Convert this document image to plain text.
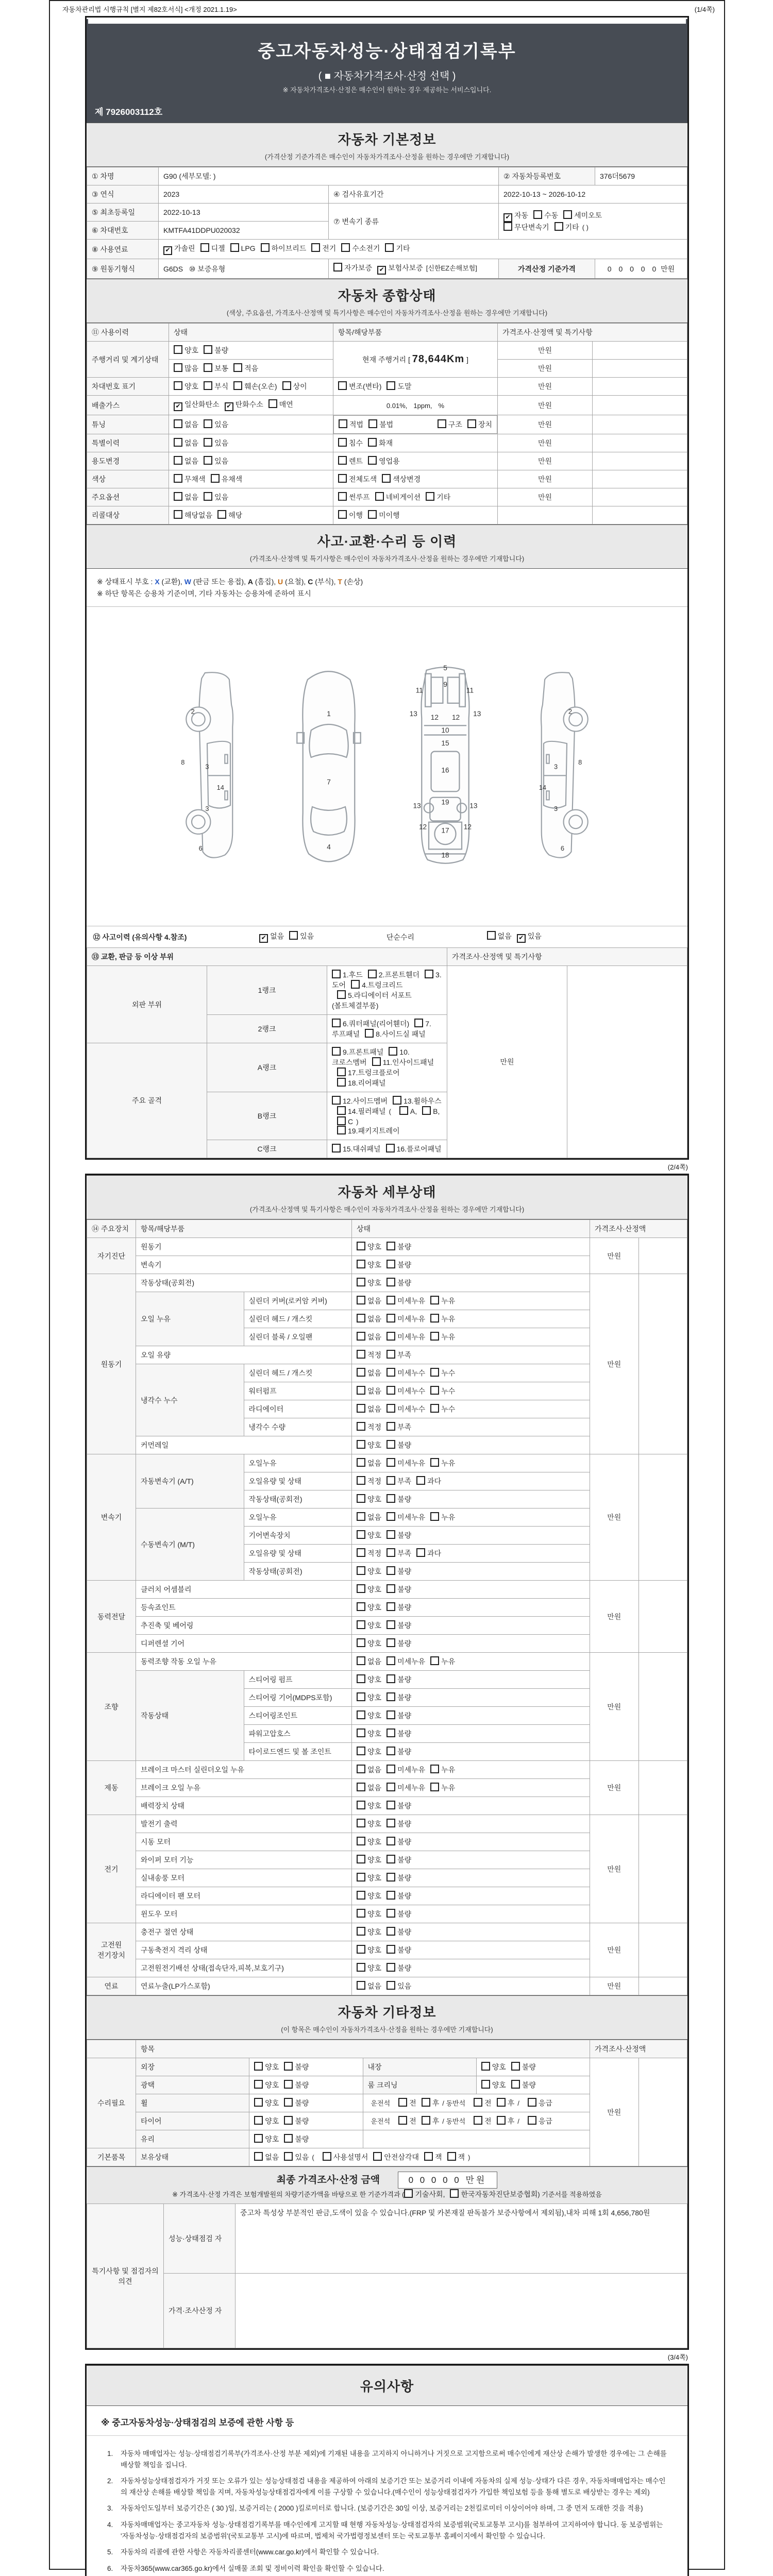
자동차관리법 시행규칙 [별지 제82호서식] <개정 2021.1.19>	(1/4쪽)
중고자동차성능·상태점검기록부
( ■ 자동차가격조사·산정 선택 )
※ 자동차가격조사·산정은 매수인이 원하는 경우 제공하는 서비스입니다.
제 7926003112호
자동차 기본정보
(가격산정 기준가격은 매수인이 자동차가격조사·산정을 원하는 경우에만 기재합니다)
① 차명	G90 (세부모델: )		② 자동차등록번호	376더5679
③ 연식	2023	④ 검사유효기간	2022-10-13 ~ 2026-10-12	
⑤ 최초등록일	2022-10-13	⑦ 변속기 종류	✔ 자동 수동 세미오토
무단변속기 기타 ( )	
⑥ 차대번호	KMTFA41DDPU020032			
⑧ 사용연료	✔ 가솔린 디젤 LPG 하이브리드 전기 수소전기 기타			
⑨ 원동기형식	G6DS ⑩ 보증유형	자가보증 ✔ 보험사보증 [신한EZ손해보험]	가격산정 기준가격	0 0 0 0 0 만원
자동차 종합상태
(색상, 주요옵션, 가격조사·산정액 및 특기사항은 매수인이 자동차가격조사·산정을 원하는 경우에만 기재합니다)
⑪ 사용이력	상태	항목/해당부품	가격조사·산정액 및 특기사항	
주행거리 및 계기상태	양호 불량	현재 주행거리 [ 78,644Km ]	만원	
	많음 보통 적음		만원	
차대번호 표기	양호 부식 훼손(오손) 상이	변조(변타) 도말	만원	
배출가스	✔ 일산화탄소 ✔ 탄화수소 매연	0.01%, 1ppm, %	만원	
튜닝	없음 있음		적법 불법	구조 장치	만원	
특별이력	없음 있음	침수 화재	만원	
용도변경	없음 있음	렌트 영업용	만원	
색상	무채색 유채색	전체도색 색상변경	만원	
주요옵션	없음 있음	썬루프 네비게이션 기타	만원	
리콜대상	해당없음 해당	이행 미이행		
사고·교환·수리 등 이력
(가격조사·산정액 및 특기사항은 매수인이 자동차가격조사·산정을 원하는 경우에만 기재합니다)
※ 상태표시 부호 : X (교환), W (판금 또는 용접), A (흠집), U (요철), C (부식), T (손상)
※ 하단 항목은 승용차 기준이며, 기타 자동차는 승용차에 준하여 표시
2
8
3
14
3
6
1
7
4
5
9
11	11
13	13
12 12
10
15
16
19
13	13
12	12
17
18
2
8
3
14
3
6
⑫ 사고이력 (유의사항 4.참조) ✔ 없음 있음 단순수리 없음 ✔ 있음				

⑬ 교환, 판금 등 이상 부위			가격조사·산정액 및 특기사항	
외판 부위	1랭크	1.후드 2.프론트휀더 3.도어 4.트렁크리드
5.라디에이터 서포트(볼트체결부품)	만원	
	2랭크	6.쿼터패널(리어휀더) 7.루프패널 8.사이드실 패널		
주요 골격	A랭크	9.프론트패널 10.크로스멤버 11.인사이드패널17.트렁크플로어
18.리어패널		
	B랭크	12.사이드멤버 13.휠하우스14.필러패널 ( A, B,C )
19.패키지트레이		
	C랭크	15.대쉬패널 16.플로어패널		
(2/4쪽)
자동차 세부상태
(가격조사·산정액 및 특기사항은 매수인이 자동차가격조사·산정을 원하는 경우에만 기재합니다)
⑭ 주요장치	항목/해당부품		상태	가격조사·산정액	
자기진단	원동기		양호 불량	만원	
	변속기		양호 불량		
원동기	작동상태(공회전)		양호 불량	만원	
	오일 누유	실린더 커버(로커암 커버)	없음 미세누유 누유		
		실린더 헤드 / 개스킷	없음 미세누유 누유		
		실린더 블록 / 오일팬	없음 미세누유 누유		
	오일 유량		적정 부족		
	냉각수 누수	실린더 헤드 / 개스킷	없음 미세누수 누수		
		워터펌프	없음 미세누수 누수		
		라디에이터	없음 미세누수 누수		
		냉각수 수량	적정 부족		
	커먼레일		양호 불량		
변속기	자동변속기 (A/T)	오일누유	없음 미세누유 누유	만원	
		오일유량 및 상태	적정 부족 과다		
		작동상태(공회전)	양호 불량		
	수동변속기 (M/T)	오일누유	없음 미세누유 누유		
		기어변속장치	양호 불량		
		오일유량 및 상태	적정 부족 과다		
		작동상태(공회전)	양호 불량		
동력전달	클러치 어셈블리		양호 불량	만원	
	등속죠인트		양호 불량		
	추진축 및 베어링		양호 불량		
	디퍼렌셜 기어		양호 불량		
조향	동력조향 작동 오일 누유		없음 미세누유 누유	만원	
	작동상태	스티어링 펌프	양호 불량		
		스티어링 기어(MDPS포함)	양호 불량		
		스티어링조인트	양호 불량		
		파워고압호스	양호 불량		
		타이로드엔드 및 볼 조인트	양호 불량		
제동	브레이크 마스터 실린더오일 누유		없음 미세누유 누유	만원	
	브레이크 오일 누유		없음 미세누유 누유		
	배력장치 상태		양호 불량		
전기	발전기 출력		양호 불량	만원	
	시동 모터		양호 불량		
	와이퍼 모터 기능		양호 불량		
	실내송풍 모터		양호 불량		
	라디에이터 팬 모터		양호 불량		
	윈도우 모터		양호 불량		
고전원 전기장치	충전구 절연 상태		양호 불량	만원	
	구동축전지 격리 상태		양호 불량		
	고전원전기배선 상태(접속단자,피복,보호기구)		양호 불량		
연료	연료누출(LP가스포함)		없음 있음	만원	
자동차 기타정보
(이 항목은 매수인이 자동차가격조사·산정을 원하는 경우에만 기재합니다)
	항목				가격조사·산정액	
수리필요	외장	양호 불량	내장	양호 불량	만원	
	광택	양호 불량	룸 크리닝	양호 불량		
	휠	양호 불량	운전석 전 후 / 동반석 전 후 / 응급			
	타이어	양호 불량	운전석 전 후 / 동반석 전 후 / 응급			
	유리	양호 불량				
기본품목	보유상태	없음 있음 ( 사용설명서 안전삼각대 잭 잭 )				
최종 가격조사·산정 금액	0 0 0 0 0 만원
※ 가격조사·산정 가격은 보험개발원의 차량기준가액을 바탕으로 한 기준가격과 ( 기술사회, 한국자동차진단보증협회) 기준서를 적용하였음
특기사항 및 점검자의 의견	성능·상태점검 자	중고차 특성상 부분적인 판금,도색이 있을 수 있습니다.(FRP 및 카본재질 판독불가 보증사항에서 제외됨),내차 피해 1회 4,656,780원
	가격·조사산정 자	
(3/4쪽)
유의사항
※ 중고자동차성능·상태점검의 보증에 관한 사항 등
1.	자동차 매매업자는 성능·상태점검기록부(가격조사·산정 부분 제외)에 기재된 내용을 고지하지 아니하거나 거짓으로 고지함으로써 매수인에게 재산상 손해가 발생한 경우에는 그 손해를 배상할 책임을 집니다.
2.	자동차성능상태점검자가 거짓 또는 오류가 있는 성능상태점검 내용을 제공하여 아래의 보증기간 또는 보증거리 이내에 자동차의 실제 성능·상태가 다른 경우, 자동차매매업자는 매수인의 재산상 손해를 배상할 책임을 지며, 자동차성능상태점검자에게 이를 구상할 수 있습니다.(매수인이 성능상태점검자가 가입한 책임보험 등을 통해 별도로 배상받는 경우는 제외)
3.	자동차인도일부터 보증기간은 ( 30 )일, 보증거리는 ( 2000 )킬로미터로 합니다. (보증기간은 30일 이상, 보증거리는 2천킬로미터 이상이어야 하며, 그 중 먼저 도래한 것을 적용)
4.	자동차매매업자는 중고자동차 성능·상태점검기록부를 매수인에게 고지할 때 현행 자동차성능·상태점검자의 보증범위(국토교통부 고시)를 첨부하여 고지하여야 합니다. 동 보증범위는 '자동차성능·상태점검자의 보증범위'(국토교통부 고시)에 따르며, 법제처 국가법령정보센터 또는 국토교통부 홈페이지에서 확인할 수 있습니다.
5.	자동차의 리콜에 관한 사항은 자동차리콜센터(www.car.go.kr)에서 확인할 수 있습니다.
6.	자동차365(www.car365.go.kr)에서 실매물 조회 및 정비이력 확인을 확인할 수 있습니다.
